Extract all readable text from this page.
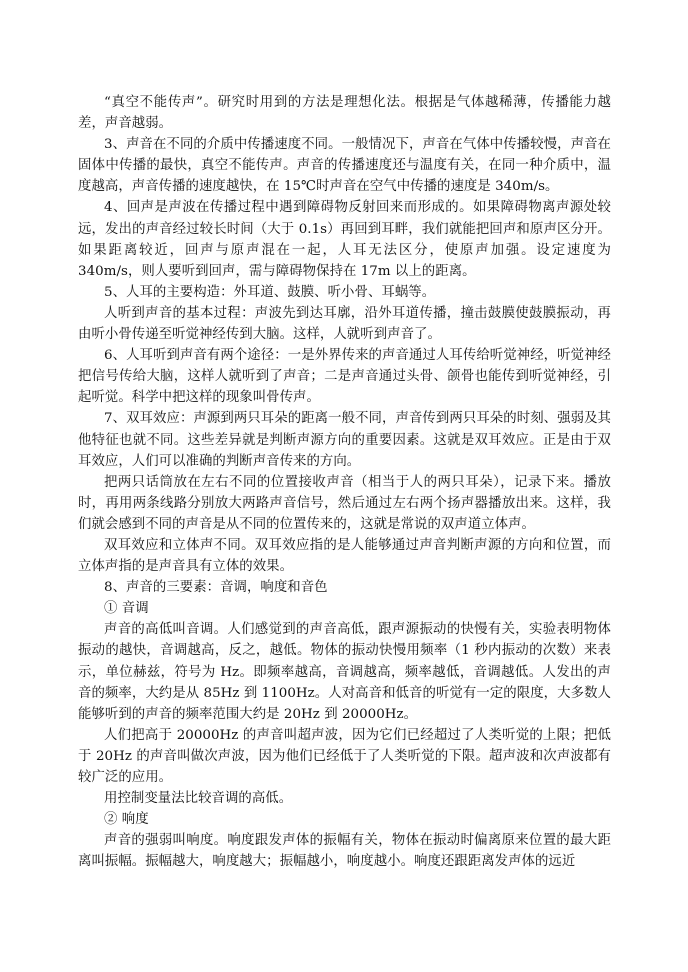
“真空不能传声”。研究时用到的方法是理想化法。根据是气体越稀薄，传播能力越差，声音越弱。

3、声音在不同的介质中传播速度不同。一般情况下，声音在气体中传播较慢，声音在固体中传播的最快，真空不能传声。声音的传播速度还与温度有关，在同一种介质中，温度越高，声音传播的速度越快，在 15℃时声音在空气中传播的速度是 340m/s。

4、回声是声波在传播过程中遇到障碍物反射回来而形成的。如果障碍物离声源处较远，发出的声音经过较长时间（大于 0.1s）再回到耳畔，我们就能把回声和原声区分开。如果距离较近，回声与原声混在一起，人耳无法区分，使原声加强。设定速度为 340m/s，则人要听到回声，需与障碍物保持在 17m 以上的距离。

5、人耳的主要构造：外耳道、鼓膜、听小骨、耳蜗等。

人听到声音的基本过程：声波先到达耳廓，沿外耳道传播，撞击鼓膜使鼓膜振动，再由听小骨传递至听觉神经传到大脑。这样，人就听到声音了。

6、人耳听到声音有两个途径：一是外界传来的声音通过人耳传给听觉神经，听觉神经把信号传给大脑，这样人就听到了声音；二是声音通过头骨、颌骨也能传到听觉神经，引起听觉。科学中把这样的现象叫骨传声。

7、双耳效应：声源到两只耳朵的距离一般不同，声音传到两只耳朵的时刻、强弱及其他特征也就不同。这些差异就是判断声源方向的重要因素。这就是双耳效应。正是由于双耳效应，人们可以准确的判断声音传来的方向。

把两只话筒放在左右不同的位置接收声音（相当于人的两只耳朵），记录下来。播放时，再用两条线路分别放大两路声音信号，然后通过左右两个扬声器播放出来。这样，我们就会感到不同的声音是从不同的位置传来的，这就是常说的双声道立体声。

双耳效应和立体声不同。双耳效应指的是人能够通过声音判断声源的方向和位置，而立体声指的是声音具有立体的效果。

8、声音的三要素：音调，响度和音色

① 音调

声音的高低叫音调。人们感觉到的声音高低，跟声源振动的快慢有关，实验表明物体振动的越快，音调越高，反之，越低。物体的振动快慢用频率（1 秒内振动的次数）来表示，单位赫兹，符号为 Hz。即频率越高，音调越高，频率越低，音调越低。人发出的声音的频率，大约是从 85Hz 到 1100Hz。人对高音和低音的听觉有一定的限度，大多数人能够听到的声音的频率范围大约是 20Hz 到 20000Hz。

人们把高于 20000Hz 的声音叫超声波，因为它们已经超过了人类听觉的上限；把低于 20Hz 的声音叫做次声波，因为他们已经低于了人类听觉的下限。超声波和次声波都有较广泛的应用。

用控制变量法比较音调的高低。

② 响度

声音的强弱叫响度。响度跟发声体的振幅有关，物体在振动时偏离原来位置的最大距离叫振幅。振幅越大，响度越大；振幅越小，响度越小。响度还跟距离发声体的远近
